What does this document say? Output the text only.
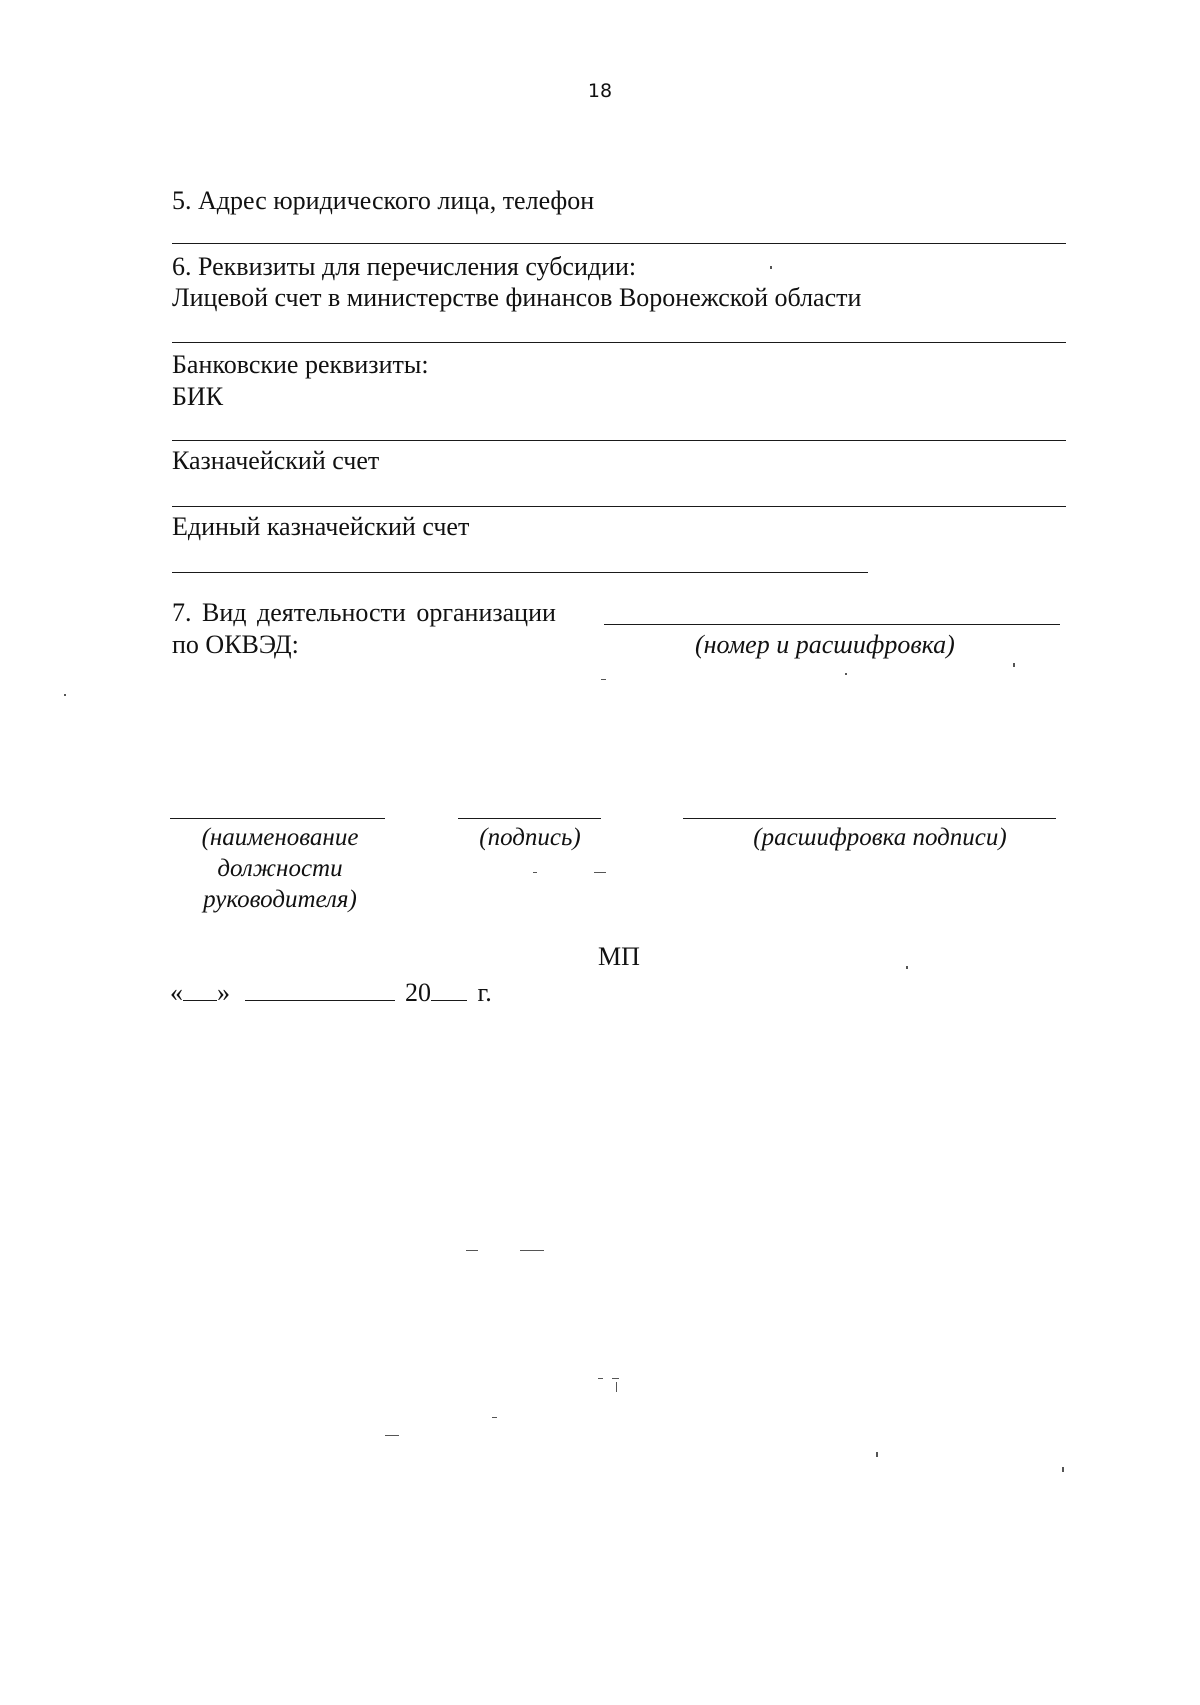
18
5. Адрес юридического лица, телефон
6. Реквизиты для перечисления субсидии:
Лицевой счет в министерстве финансов Воронежской области
Банковские реквизиты:
БИК
Казначейский счет
Единый казначейский счет
7. Вид деятельности организации
по ОКВЭД:	(номер и расшифровка)
(наименование
должности
руководителя)
(подпись)	(расшифровка подписи)
МП
« »	20 г.
